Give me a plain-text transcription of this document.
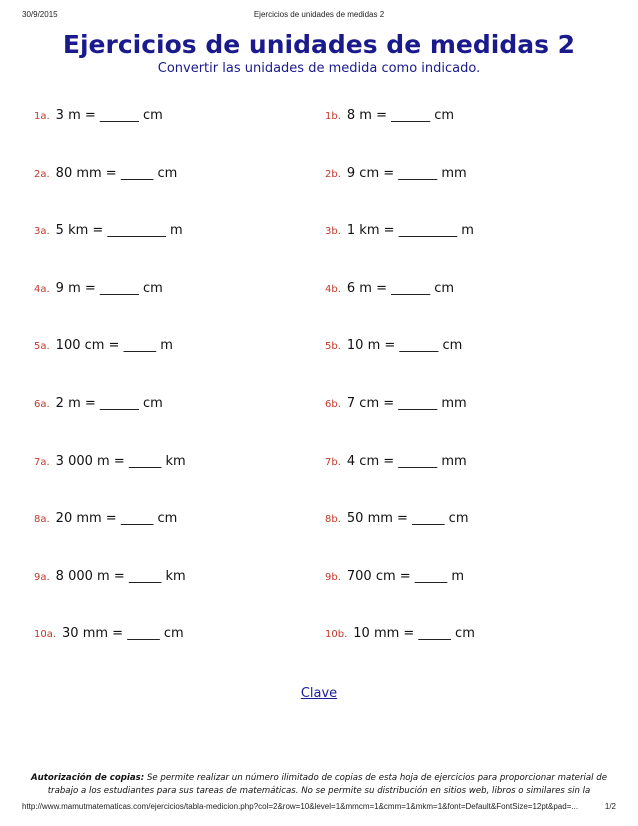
30/9/2015	Ejercicios de unidades de medidas 2
Ejercicios de unidades de medidas 2
Convertir las unidades de medida como indicado.
1a. 3 m = ______ cm
2a. 80 mm = _____ cm
3a. 5 km = _________ m
4a. 9 m = ______ cm
5a. 100 cm = _____ m
6a. 2 m = ______ cm
7a. 3 000 m = _____ km
8a. 20 mm = _____ cm
9a. 8 000 m = _____ km
10a. 30 mm = _____ cm
1b. 8 m = ______ cm
2b. 9 cm = ______ mm
3b. 1 km = _________ m
4b. 6 m = ______ cm
5b. 10 m = ______ cm
6b. 7 cm = ______ mm
7b. 4 cm = ______ mm
8b. 50 mm = _____ cm
9b. 700 cm = _____ m
10b. 10 mm = _____ cm
Clave
Autorización de copias: Se permite realizar un número ilimitado de copias de esta hoja de ejercicios para proporcionar material de trabajo a los estudiantes para sus tareas de matemáticas. No se permite su distribución en sitios web, libros o similares sin la
http://www.mamutmatematicas.com/ejercicios/tabla-medicion.php?col=2&row=10&level=1&mmcm=1&cmm=1&mkm=1&font=Default&FontSize=12pt&pad=...	1/2
